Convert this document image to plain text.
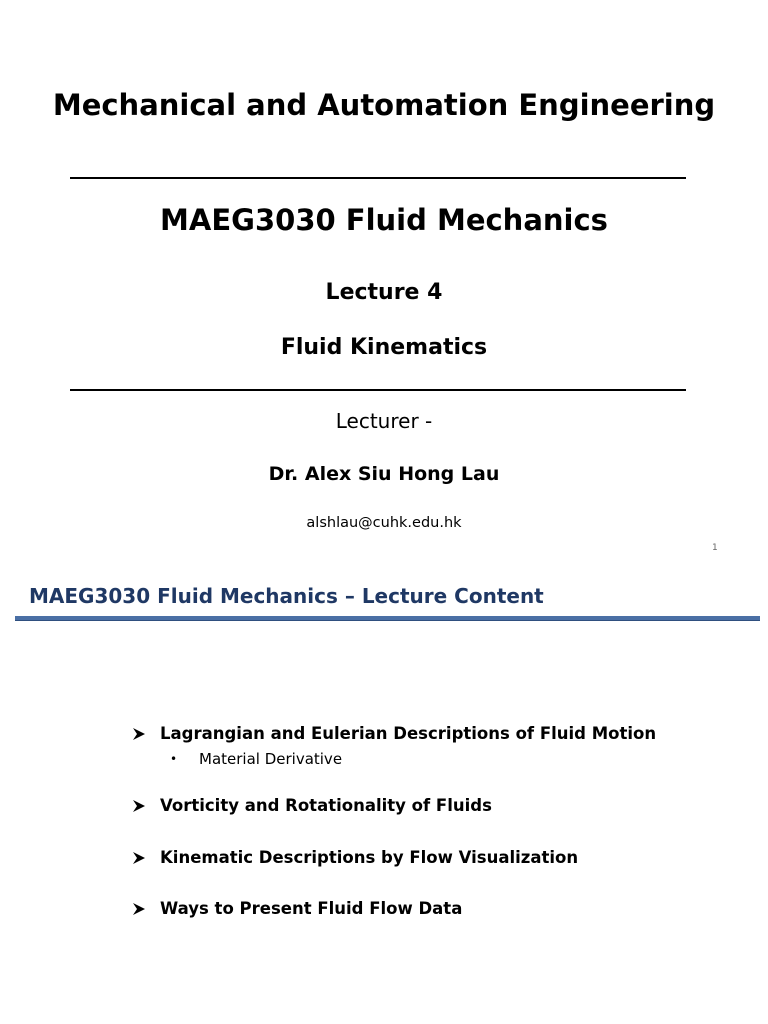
Mechanical and Automation Engineering
MAEG3030 Fluid Mechanics
Lecture 4
Fluid Kinematics
Lecturer -
Dr. Alex Siu Hong Lau
alshlau@cuhk.edu.hk
1
MAEG3030 Fluid Mechanics – Lecture Content
Lagrangian and Eulerian Descriptions of Fluid Motion
• Material Derivative
Vorticity and Rotationality of Fluids
Kinematic Descriptions by Flow Visualization
Ways to Present Fluid Flow Data
